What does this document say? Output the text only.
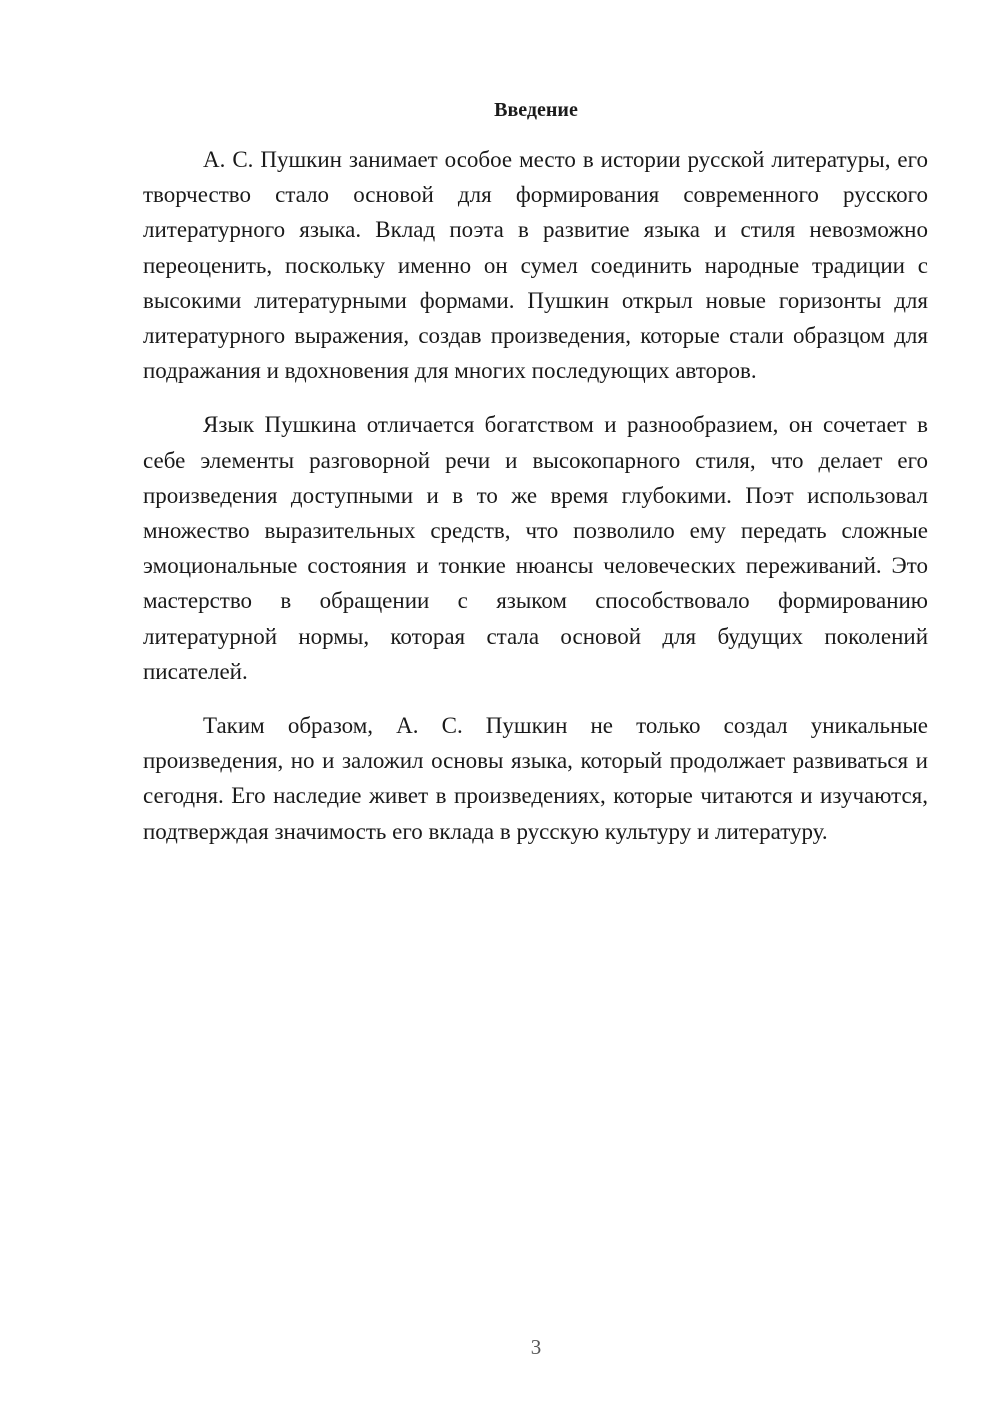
Введение

А. С. Пушкин занимает особое место в истории русской литературы, его творчество стало основой для формирования современного русского литературного языка. Вклад поэта в развитие языка и стиля невозможно переоценить, поскольку именно он сумел соединить народные традиции с высокими литературными формами. Пушкин открыл новые горизонты для литературного выражения, создав произведения, которые стали образцом для подражания и вдохновения для многих последующих авторов.

Язык Пушкина отличается богатством и разнообразием, он сочетает в себе элементы разговорной речи и высокопарного стиля, что делает его произведения доступными и в то же время глубокими. Поэт использовал множество выразительных средств, что позволило ему передать сложные эмоциональные состояния и тонкие нюансы человеческих переживаний. Это мастерство в обращении с языком способствовало формированию литературной нормы, которая стала основой для будущих поколений писателей.

Таким образом, А. С. Пушкин не только создал уникальные произведения, но и заложил основы языка, который продолжает развиваться и сегодня. Его наследие живет в произведениях, которые читаются и изучаются, подтверждая значимость его вклада в русскую культуру и литературу.

3
